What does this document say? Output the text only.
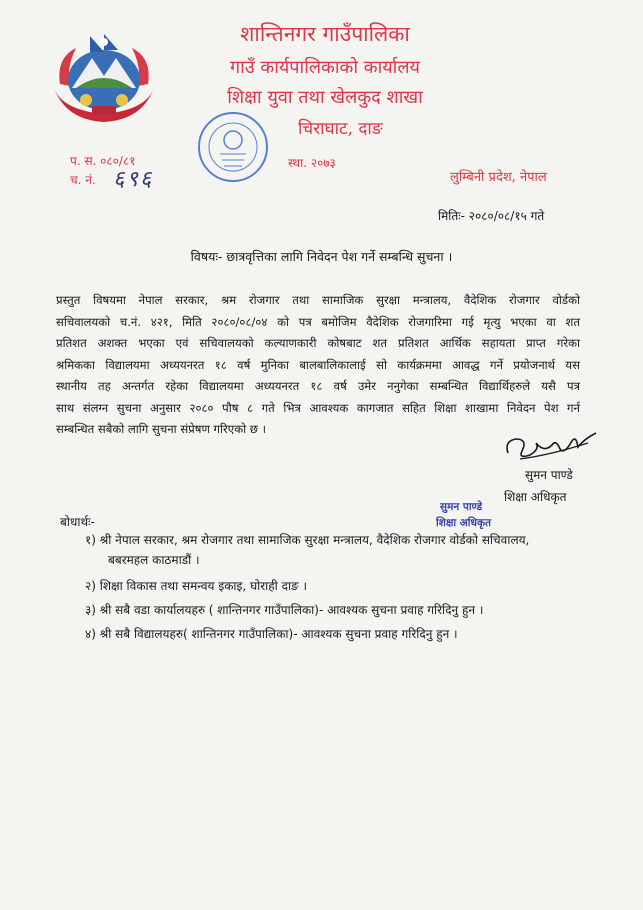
शान्तिनगर गाउँपालिका
गाउँ कार्यपालिकाको कार्यालय
शिक्षा युवा तथा खेलकुद शाखा
चिराघाट, दाङ
प. स. ०८०/८१
च. नं. ६९६
स्था. २०७३
लुम्बिनी प्रदेश, नेपाल
मितिः- २०८०/०८/१५ गते
विषयः- छात्रवृत्तिका लागि निवेदन पेश गर्ने सम्बन्धि सुचना ।
प्रस्तुत विषयमा नेपाल सरकार, श्रम रोजगार तथा सामाजिक सुरक्षा मन्त्रालय, वैदेशिक रोजगार वोर्डको
सचिवालयको च.नं. ४२१, मिति २०८०/०८/०४ को पत्र बमोजिम वैदेशिक रोजगारिमा गई मृत्यु भएका वा शत
प्रतिशत अशक्त भएका एवं सचिवालयको कल्याणकारी कोषबाट शत प्रतिशत आर्थिक सहायता प्राप्त गरेका
श्रमिकका विद्यालयमा अध्ययनरत १८ वर्ष मुनिका बालबालिकालाई सो कार्यक्रममा आवद्ध गर्ने प्रयोजनार्थ यस
स्थानीय तह अन्तर्गत रहेका विद्यालयमा अध्ययनरत १८ वर्ष उमेर ननुगेका सम्बन्धित विद्यार्थिहरुले यसै पत्र
साथ संलग्न सुचना अनुसार २०८० पौष ८ गते भित्र आवश्यक कागजात सहित शिक्षा शाखामा निवेदन पेश गर्न
सम्बन्धित सबैको लागि सुचना संप्रेषण गरिएको छ ।
सुमन पाण्डे
शिक्षा अधिकृत
सुमन पाण्डे
शिक्षा अधिकृत
बोधार्थः-
१) श्री नेपाल सरकार, श्रम रोजगार तथा सामाजिक सुरक्षा मन्त्रालय, वैदेशिक रोजगार वोर्डको सचिवालय,
बबरमहल काठमाडौं ।
२) शिक्षा विकास तथा समन्वय इकाइ, घोराही दाङ ।
३) श्री सबै वडा कार्यालयहरु ( शान्तिनगर गाउँपालिका)- आवश्यक सुचना प्रवाह गरिदिनु हुन ।
४) श्री सबै विद्यालयहरु( शान्तिनगर गाउँपालिका)- आवश्यक सुचना प्रवाह गरिदिनु हुन ।
